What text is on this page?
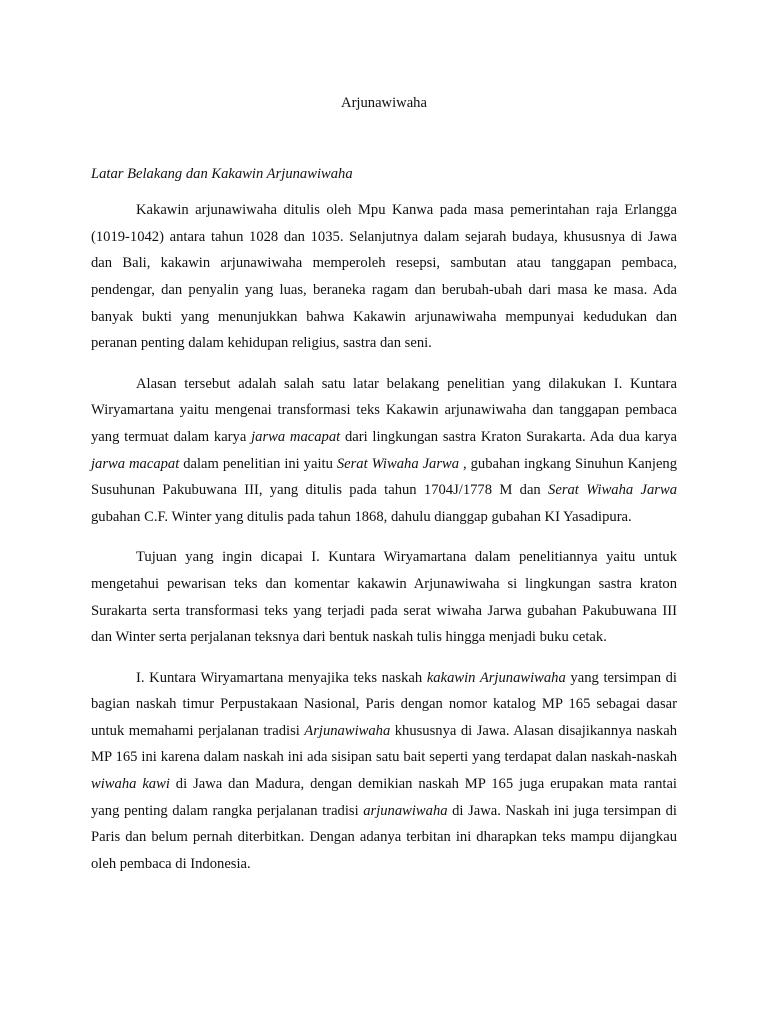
Arjunawiwaha
Latar Belakang dan Kakawin Arjunawiwaha

Kakawin arjunawiwaha ditulis oleh Mpu Kanwa pada masa pemerintahan raja Erlangga (1019-1042) antara tahun 1028 dan 1035. Selanjutnya dalam sejarah budaya, khususnya di Jawa dan Bali, kakawin arjunawiwaha memperoleh resepsi, sambutan atau tanggapan pembaca, pendengar, dan penyalin yang luas, beraneka ragam dan berubah-ubah dari masa ke masa. Ada banyak bukti yang menunjukkan bahwa Kakawin arjunawiwaha mempunyai kedudukan dan peranan penting dalam kehidupan religius, sastra dan seni.

Alasan tersebut adalah salah satu latar belakang penelitian yang dilakukan I. Kuntara Wiryamartana yaitu mengenai transformasi teks Kakawin arjunawiwaha dan tanggapan pembaca yang termuat dalam karya jarwa macapat dari lingkungan sastra Kraton Surakarta. Ada dua karya jarwa macapat dalam penelitian ini yaitu Serat Wiwaha Jarwa , gubahan ingkang Sinuhun Kanjeng Susuhunan Pakubuwana III, yang ditulis pada tahun 1704J/1778 M dan Serat Wiwaha Jarwa gubahan C.F. Winter yang ditulis pada tahun 1868, dahulu dianggap gubahan KI Yasadipura.

Tujuan yang ingin dicapai I. Kuntara Wiryamartana dalam penelitiannya yaitu untuk mengetahui pewarisan teks dan komentar kakawin Arjunawiwaha si lingkungan sastra kraton Surakarta serta transformasi teks yang terjadi pada serat wiwaha Jarwa gubahan Pakubuwana III dan Winter serta perjalanan teksnya dari bentuk naskah tulis hingga menjadi buku cetak.

I. Kuntara Wiryamartana menyajika teks naskah kakawin Arjunawiwaha yang tersimpan di bagian naskah timur Perpustakaan Nasional, Paris dengan nomor katalog MP 165 sebagai dasar untuk memahami perjalanan tradisi Arjunawiwaha khususnya di Jawa. Alasan disajikannya naskah MP 165 ini karena dalam naskah ini ada sisipan satu bait seperti yang terdapat dalan naskah-naskah wiwaha kawi di Jawa dan Madura, dengan demikian naskah MP 165 juga erupakan mata rantai yang penting dalam rangka perjalanan tradisi arjunawiwaha di Jawa. Naskah ini juga tersimpan di Paris dan belum pernah diterbitkan. Dengan adanya terbitan ini dharapkan teks mampu dijangkau oleh pembaca di Indonesia.
